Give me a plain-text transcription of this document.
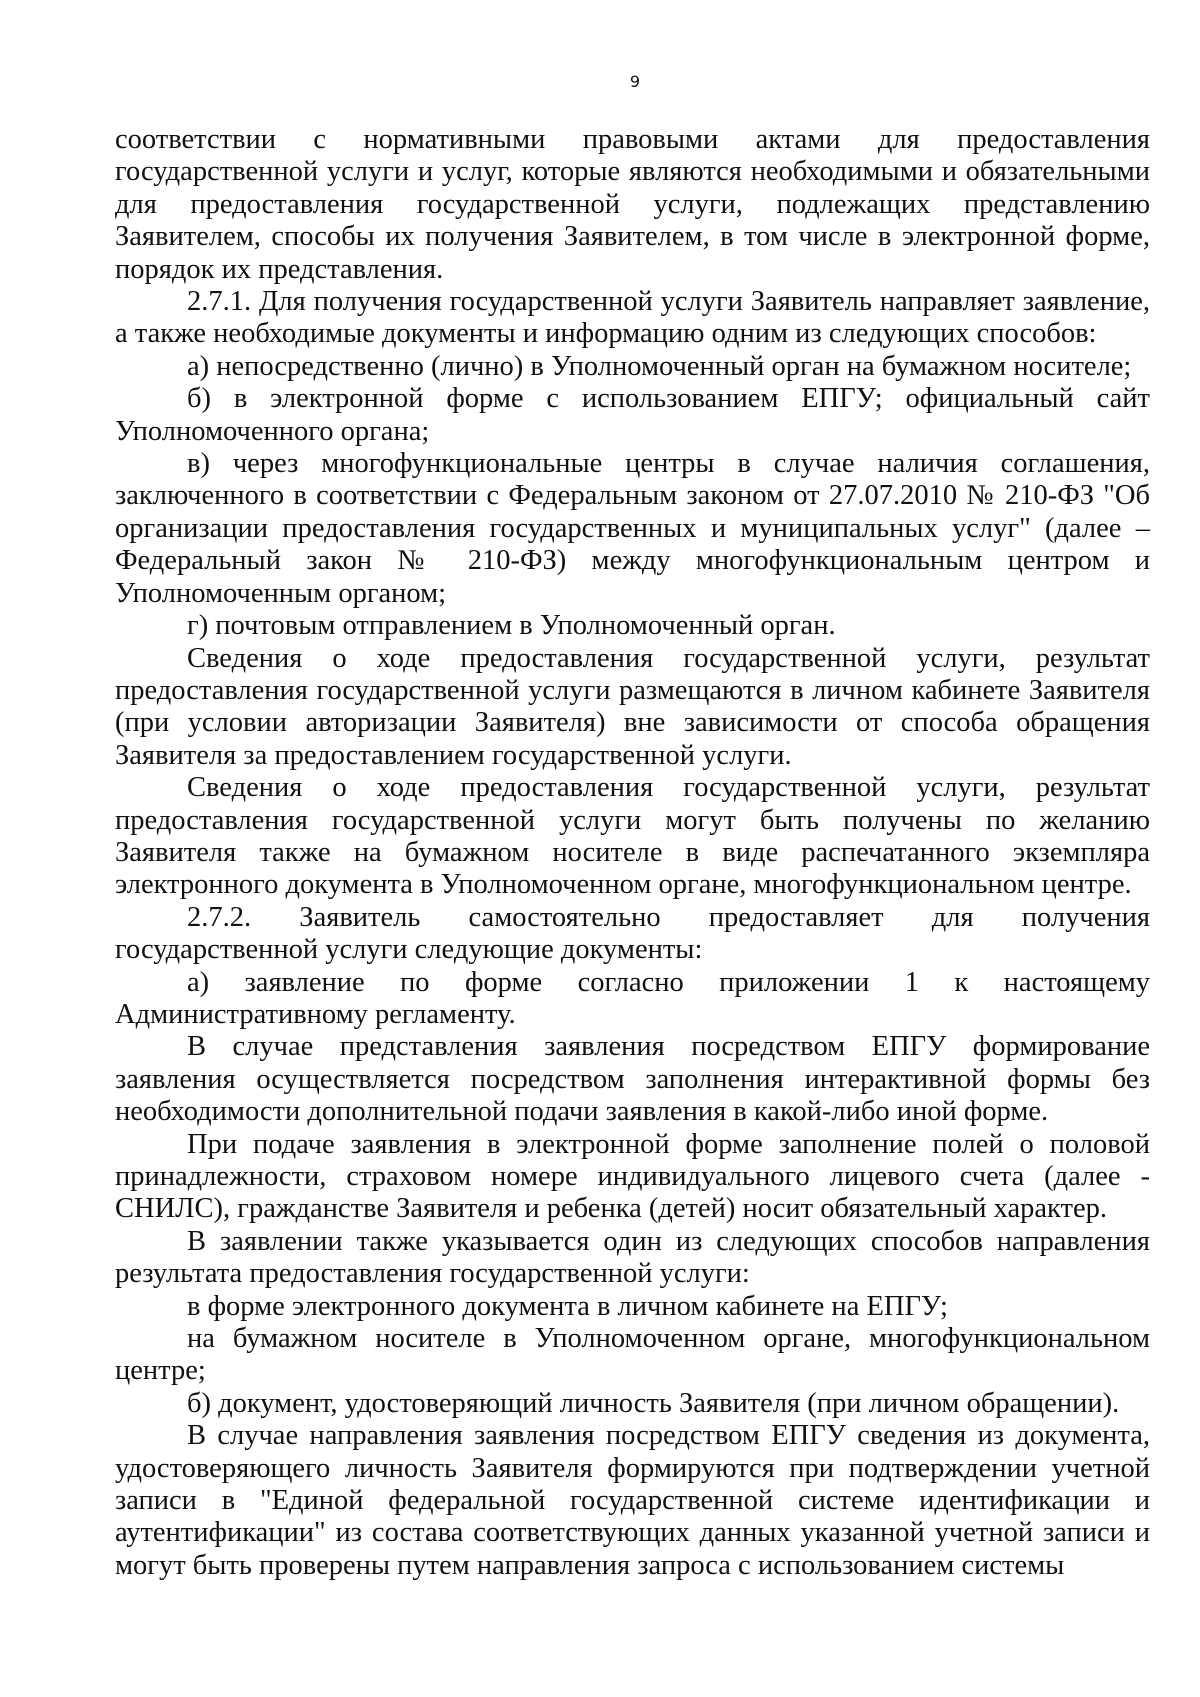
9

соответствии с нормативными правовыми актами для предоставления государственной услуги и услуг, которые являются необходимыми и обязательными для предоставления государственной услуги, подлежащих представлению Заявителем, способы их получения Заявителем, в том числе в электронной форме, порядок их представления.

2.7.1. Для получения государственной услуги Заявитель направляет заявление, а также необходимые документы и информацию одним из следующих способов:

а) непосредственно (лично) в Уполномоченный орган на бумажном носителе;

б) в электронной форме с использованием ЕПГУ; официальный сайт Уполномоченного органа;

в) через многофункциональные центры в случае наличия соглашения, заключенного в соответствии с Федеральным законом от 27.07.2010 № 210-ФЗ "Об организации предоставления государственных и муниципальных услуг" (далее – Федеральный закон № 210-ФЗ) между многофункциональным центром и Уполномоченным органом;

г) почтовым отправлением в Уполномоченный орган.

Сведения о ходе предоставления государственной услуги, результат предоставления государственной услуги размещаются в личном кабинете Заявителя (при условии авторизации Заявителя) вне зависимости от способа обращения Заявителя за предоставлением государственной услуги.

Сведения о ходе предоставления государственной услуги, результат предоставления государственной услуги могут быть получены по желанию Заявителя также на бумажном носителе в виде распечатанного экземпляра электронного документа в Уполномоченном органе, многофункциональном центре.

2.7.2. Заявитель самостоятельно предоставляет для получения государственной услуги следующие документы:

а) заявление по форме согласно приложении 1 к настоящему Административному регламенту.

В случае представления заявления посредством ЕПГУ формирование заявления осуществляется посредством заполнения интерактивной формы без необходимости дополнительной подачи заявления в какой-либо иной форме.

При подаче заявления в электронной форме заполнение полей о половой принадлежности, страховом номере индивидуального лицевого счета (далее - СНИЛС), гражданстве Заявителя и ребенка (детей) носит обязательный характер.

В заявлении также указывается один из следующих способов направления результата предоставления государственной услуги:

в форме электронного документа в личном кабинете на ЕПГУ;

на бумажном носителе в Уполномоченном органе, многофункциональном центре;

б) документ, удостоверяющий личность Заявителя (при личном обращении).

В случае направления заявления посредством ЕПГУ сведения из документа, удостоверяющего личность Заявителя формируются при подтверждении учетной записи в "Единой федеральной государственной системе идентификации и аутентификации" из состава соответствующих данных указанной учетной записи и могут быть проверены путем направления запроса с использованием системы
